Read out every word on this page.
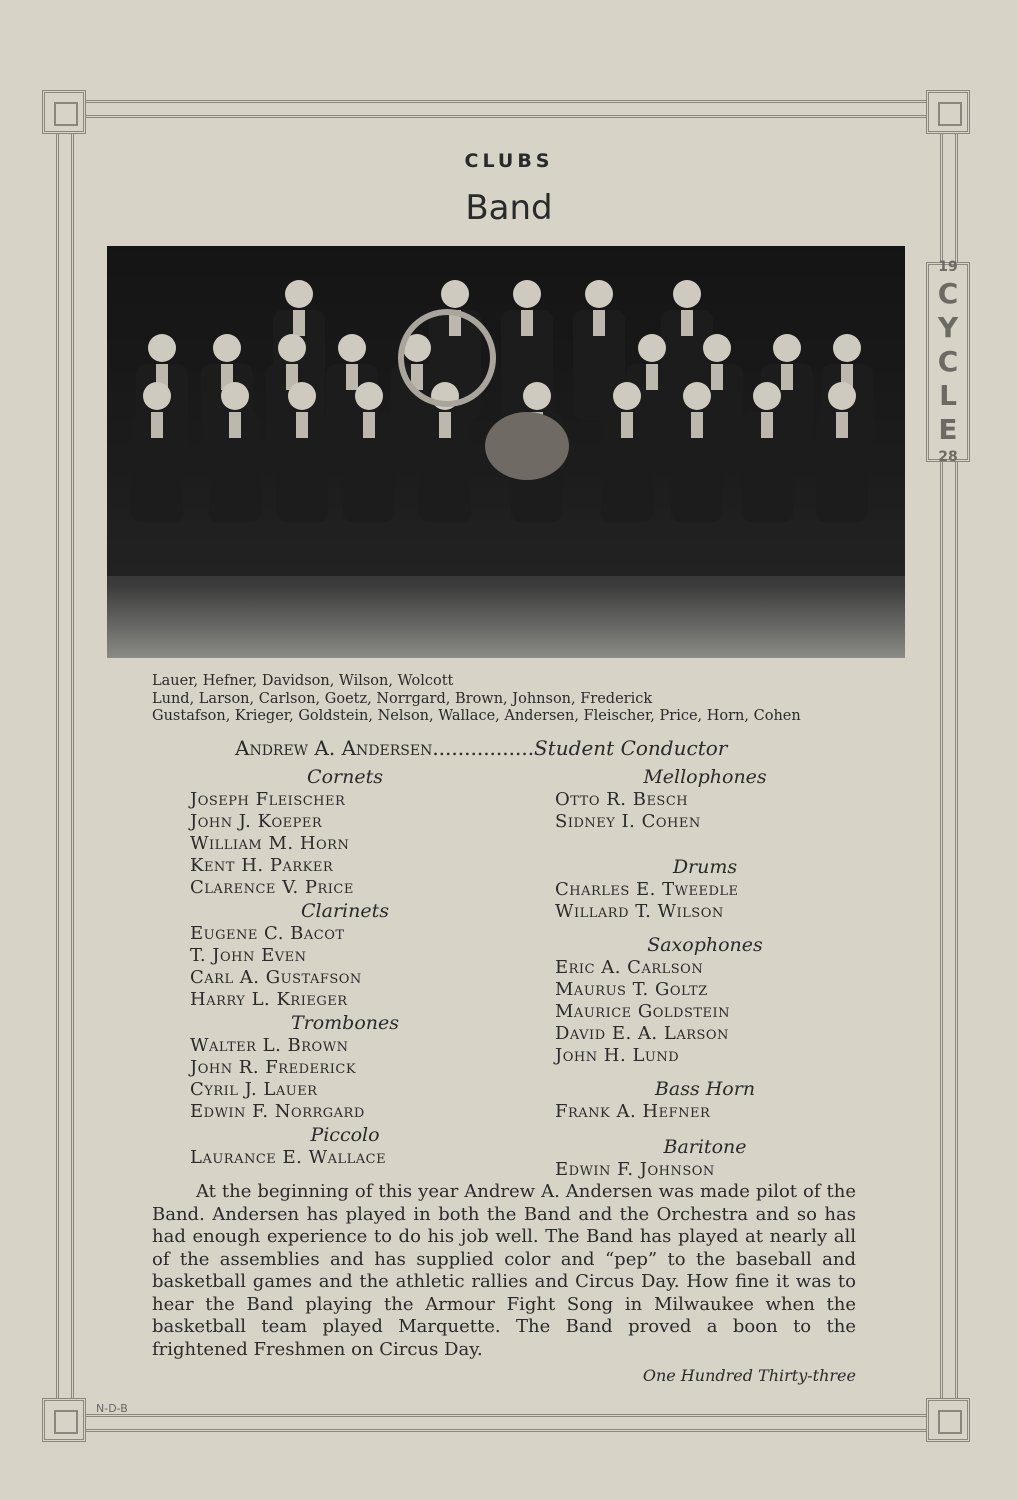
19
C
Y
C
L
E
28
N-D-B
CLUBS
Band
Lauer, Hefner, Davidson, Wilson, Wolcott
Lund, Larson, Carlson, Goetz, Norrgard, Brown, Johnson, Frederick
Gustafson, Krieger, Goldstein, Nelson, Wallace, Andersen, Fleischer, Price, Horn, Cohen
Andrew A. Andersen................Student Conductor
Cornets
Joseph Fleischer
John J. Koeper
William M. Horn
Kent H. Parker
Clarence V. Price
Clarinets
Eugene C. Bacot
T. John Even
Carl A. Gustafson
Harry L. Krieger
Trombones
Walter L. Brown
John R. Frederick
Cyril J. Lauer
Edwin F. Norrgard
Piccolo
Laurance E. Wallace
Mellophones
Otto R. Besch
Sidney I. Cohen
Drums
Charles E. Tweedle
Willard T. Wilson
Saxophones
Eric A. Carlson
Maurus T. Goltz
Maurice Goldstein
David E. A. Larson
John H. Lund
Bass Horn
Frank A. Hefner
Baritone
Edwin F. Johnson

At the beginning of this year Andrew A. Andersen was made pilot of the Band. Andersen has played in both the Band and the Orchestra and so has had enough experience to do his job well. The Band has played at nearly all of the assemblies and has supplied color and “pep” to the baseball and basketball games and the athletic rallies and Circus Day. How fine it was to hear the Band playing the Armour Fight Song in Milwaukee when the basketball team played Marquette. The Band proved a boon to the frightened Freshmen on Circus Day.

One Hundred Thirty-three
